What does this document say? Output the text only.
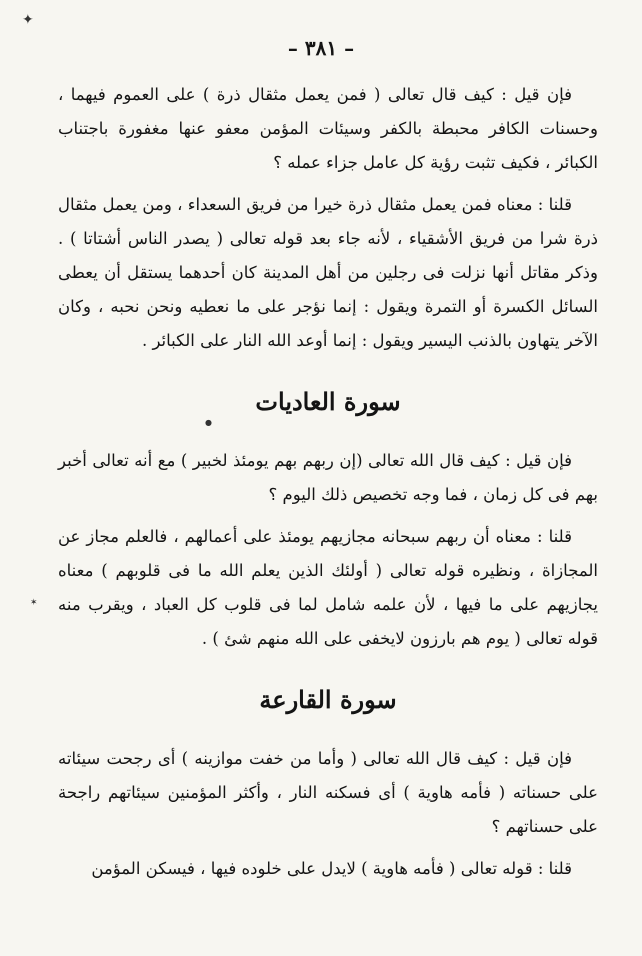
✦
●
✶
– ٣٨١ –

فإن قيل : كيف قال تعالى ( فمن يعمل مثقال ذرة ) على العموم فيهما ، وحسنات الكافر محبطة بالكفر وسيئات المؤمن معفو عنها مغفورة باجتناب الكبائر ، فكيف تثبت رؤية كل عامل جزاء عمله ؟

قلنا : معناه فمن يعمل مثقال ذرة خيرا من فريق السعداء ، ومن يعمل مثقال ذرة شرا من فريق الأشقياء ، لأنه جاء بعد قوله تعالى ( يصدر الناس أشتاتا ) . وذكر مقاتل أنها نزلت فى رجلين من أهل المدينة كان أحدهما يستقل أن يعطى السائل الكسرة أو التمرة ويقول : إنما نؤجر على ما نعطيه ونحن نحبه ، وكان الآخر يتهاون بالذنب اليسير ويقول : إنما أوعد الله النار على الكبائر .

سورة العاديات

فإن قيل : كيف قال الله تعالى (إن ربهم بهم يومئذ لخبير ) مع أنه تعالى أخبر بهم فى كل زمان ، فما وجه تخصيص ذلك اليوم ؟

قلنا : معناه أن ربهم سبحانه مجازيهم يومئذ على أعمالهم ، فالعلم مجاز عن المجازاة ، ونظيره قوله تعالى ( أولئك الذين يعلم الله ما فى قلوبهم ) معناه يجازيهم على ما فيها ، لأن علمه شامل لما فى قلوب كل العباد ، ويقرب منه قوله تعالى ( يوم هم بارزون لايخفى على الله منهم شئ ) .

سورة القارعة

فإن قيل : كيف قال الله تعالى ( وأما من خفت موازينه ) أى رجحت سيئاته على حسناته ( فأمه هاوية ) أى فسكنه النار ، وأكثر المؤمنين سيئاتهم راجحة على حسناتهم ؟

قلنا : قوله تعالى ( فأمه هاوية ) لايدل على خلوده فيها ، فيسكن المؤمن
